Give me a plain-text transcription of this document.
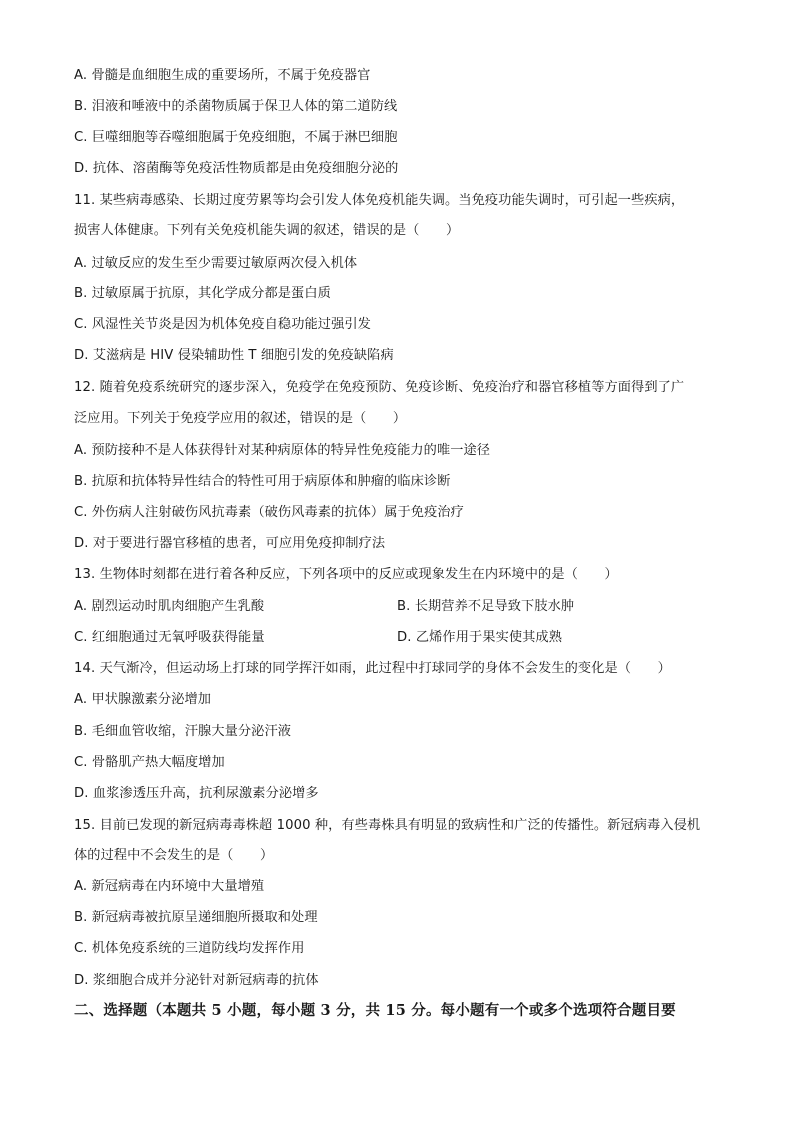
A. 骨髓是血细胞生成的重要场所，不属于免疫器官
B. 泪液和唾液中的杀菌物质属于保卫人体的第二道防线
C. 巨噬细胞等吞噬细胞属于免疫细胞，不属于淋巴细胞
D. 抗体、溶菌酶等免疫活性物质都是由免疫细胞分泌的
11. 某些病毒感染、长期过度劳累等均会引发人体免疫机能失调。当免疫功能失调时，可引起一些疾病，
损害人体健康。下列有关免疫机能失调的叙述，错误的是（　　）
A. 过敏反应的发生至少需要过敏原两次侵入机体
B. 过敏原属于抗原，其化学成分都是蛋白质
C. 风湿性关节炎是因为机体免疫自稳功能过强引发
D. 艾滋病是 HIV 侵染辅助性 T 细胞引发的免疫缺陷病
12. 随着免疫系统研究的逐步深入，免疫学在免疫预防、免疫诊断、免疫治疗和器官移植等方面得到了广
泛应用。下列关于免疫学应用的叙述，错误的是（　　）
A. 预防接种不是人体获得针对某种病原体的特异性免疫能力的唯一途径
B. 抗原和抗体特异性结合的特性可用于病原体和肿瘤的临床诊断
C. 外伤病人注射破伤风抗毒素（破伤风毒素的抗体）属于免疫治疗
D. 对于要进行器官移植的患者，可应用免疫抑制疗法
13. 生物体时刻都在进行着各种反应，下列各项中的反应或现象发生在内环境中的是（　　）
A. 剧烈运动时肌肉细胞产生乳酸	B. 长期营养不足导致下肢水肿
C. 红细胞通过无氧呼吸获得能量	D. 乙烯作用于果实使其成熟
14. 天气渐冷，但运动场上打球的同学挥汗如雨，此过程中打球同学的身体不会发生的变化是（　　）
A. 甲状腺激素分泌增加
B. 毛细血管收缩，汗腺大量分泌汗液
C. 骨骼肌产热大幅度增加
D. 血浆渗透压升高，抗利尿激素分泌增多
15. 目前已发现的新冠病毒毒株超 1000 种，有些毒株具有明显的致病性和广泛的传播性。新冠病毒入侵机
体的过程中不会发生的是（　　）
A. 新冠病毒在内环境中大量增殖
B. 新冠病毒被抗原呈递细胞所摄取和处理
C. 机体免疫系统的三道防线均发挥作用
D. 浆细胞合成并分泌针对新冠病毒的抗体
二、选择题（本题共 5 小题，每小题 3 分，共 15 分。每小题有一个或多个选项符合题目要
